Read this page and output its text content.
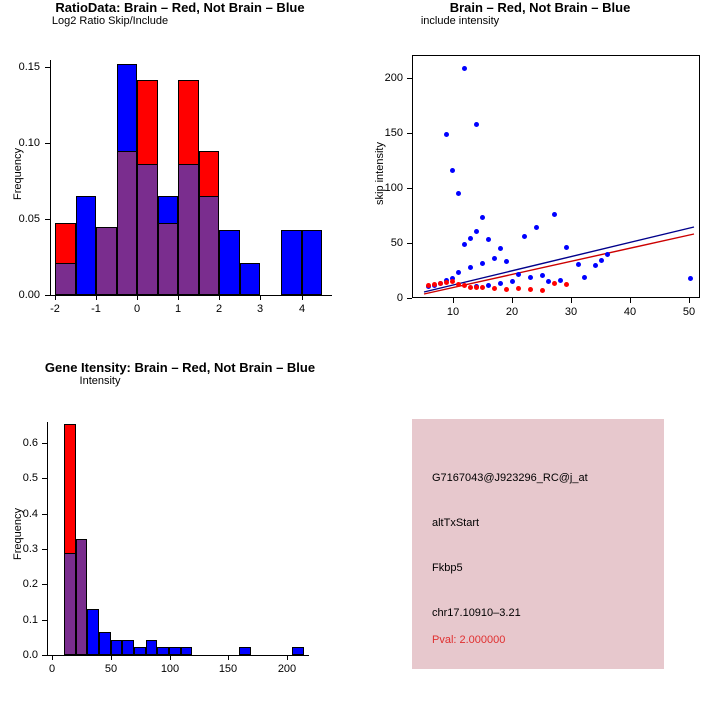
RatioData: Brain – Red, Not Brain – Blue
Frequency
-2	-1	0	1	2	3	4
0.00
0.05
0.10
0.15
Log2 Ratio Skip/Include
Brain – Red, Not Brain – Blue
skip intensity
10	20	30	40	50
0
50
100
150
200
include intensity
Gene Itensity: Brain – Red, Not Brain – Blue
Frequency
0	50	100	150	200
0.0
0.1
0.2
0.3
0.4
0.5
0.6
Intensity
G7167043@J923296_RC@j_at
altTxStart
Fkbp5
chr17.10910–3.21
Pval: 2.000000
